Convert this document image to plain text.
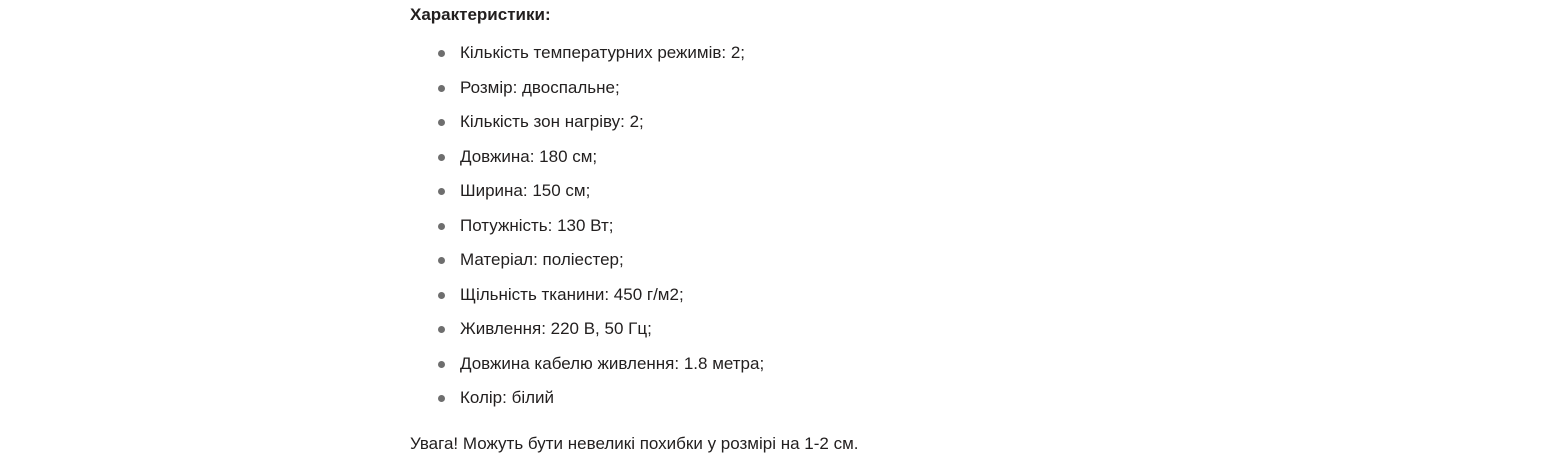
Характеристики:

Кількість температурних режимів: 2;
Розмір: двоспальне;
Кількість зон нагріву: 2;
Довжина: 180 см;
Ширина: 150 см;
Потужність: 130 Вт;
Матеріал: поліестер;
Щільність тканини: 450 г/м2;
Живлення: 220 В, 50 Гц;
Довжина кабелю живлення: 1.8 метра;
Колір: білий

Увага! Можуть бути невеликі похибки у розмірі на 1-2 см.
